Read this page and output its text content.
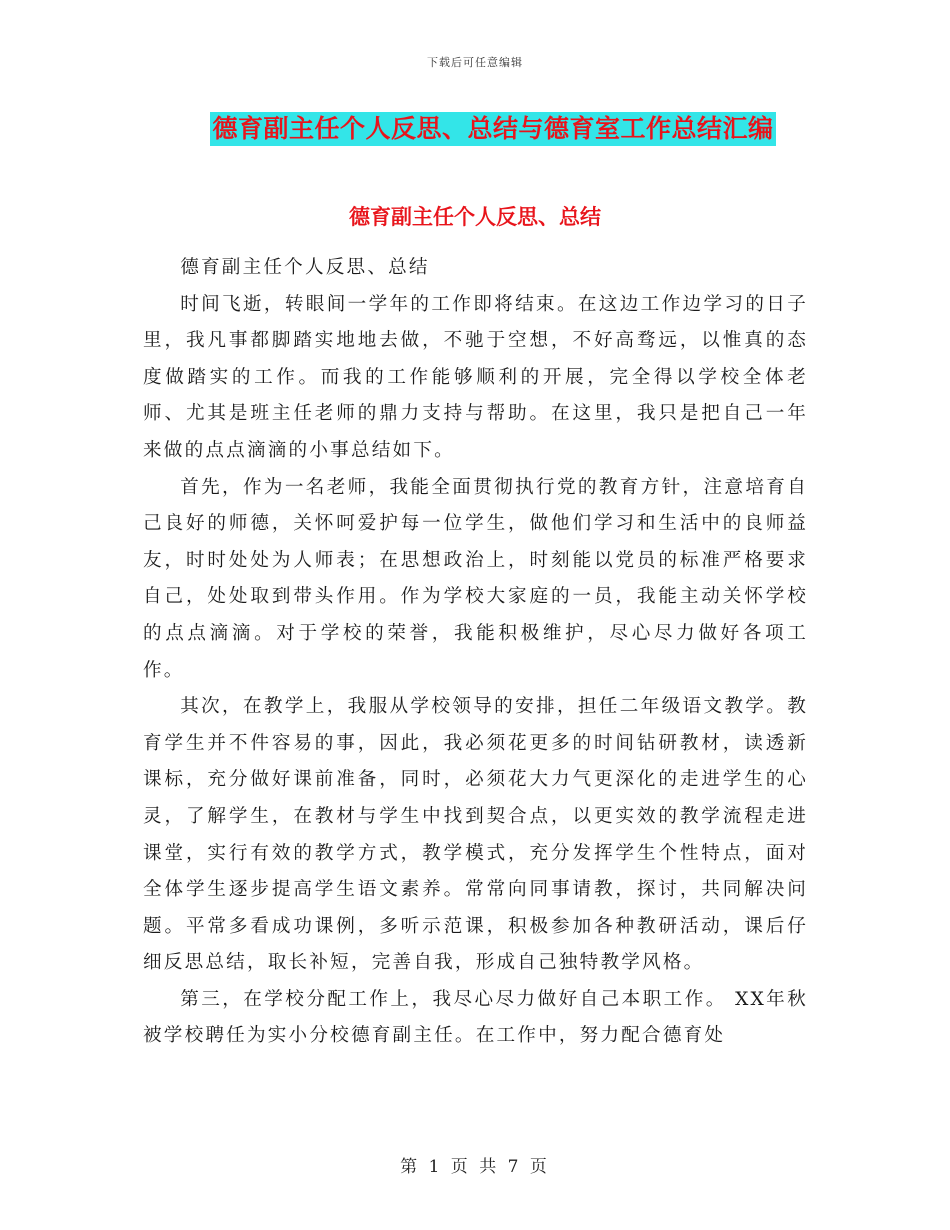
下载后可任意编辑
德育副主任个人反思、总结与德育室工作总结汇编
德育副主任个人反思、总结

德育副主任个人反思、总结

时间飞逝，转眼间一学年的工作即将结束。在这边工作边学习的日子里，我凡事都脚踏实地地去做，不驰于空想，不好高骛远，以惟真的态度做踏实的工作。而我的工作能够顺利的开展，完全得以学校全体老师、尤其是班主任老师的鼎力支持与帮助。在这里，我只是把自己一年来做的点点滴滴的小事总结如下。

首先，作为一名老师，我能全面贯彻执行党的教育方针，注意培育自己良好的师德，关怀呵爱护每一位学生，做他们学习和生活中的良师益友，时时处处为人师表；在思想政治上，时刻能以党员的标准严格要求自己，处处取到带头作用。作为学校大家庭的一员，我能主动关怀学校的点点滴滴。对于学校的荣誉，我能积极维护，尽心尽力做好各项工作。

其次，在教学上，我服从学校领导的安排，担任二年级语文教学。教育学生并不件容易的事，因此，我必须花更多的时间钻研教材，读透新课标，充分做好课前准备，同时，必须花大力气更深化的走进学生的心灵，了解学生，在教材与学生中找到契合点，以更实效的教学流程走进课堂，实行有效的教学方式，教学模式，充分发挥学生个性特点，面对全体学生逐步提高学生语文素养。常常向同事请教，探讨，共同解决问题。平常多看成功课例，多听示范课，积极参加各种教研活动，课后仔细反思总结，取长补短，完善自我，形成自己独特教学风格。

第三，在学校分配工作上，我尽心尽力做好自己本职工作。 XX年秋被学校聘任为实小分校德育副主任。在工作中，努力配合德育处

第 1 页 共 7 页
